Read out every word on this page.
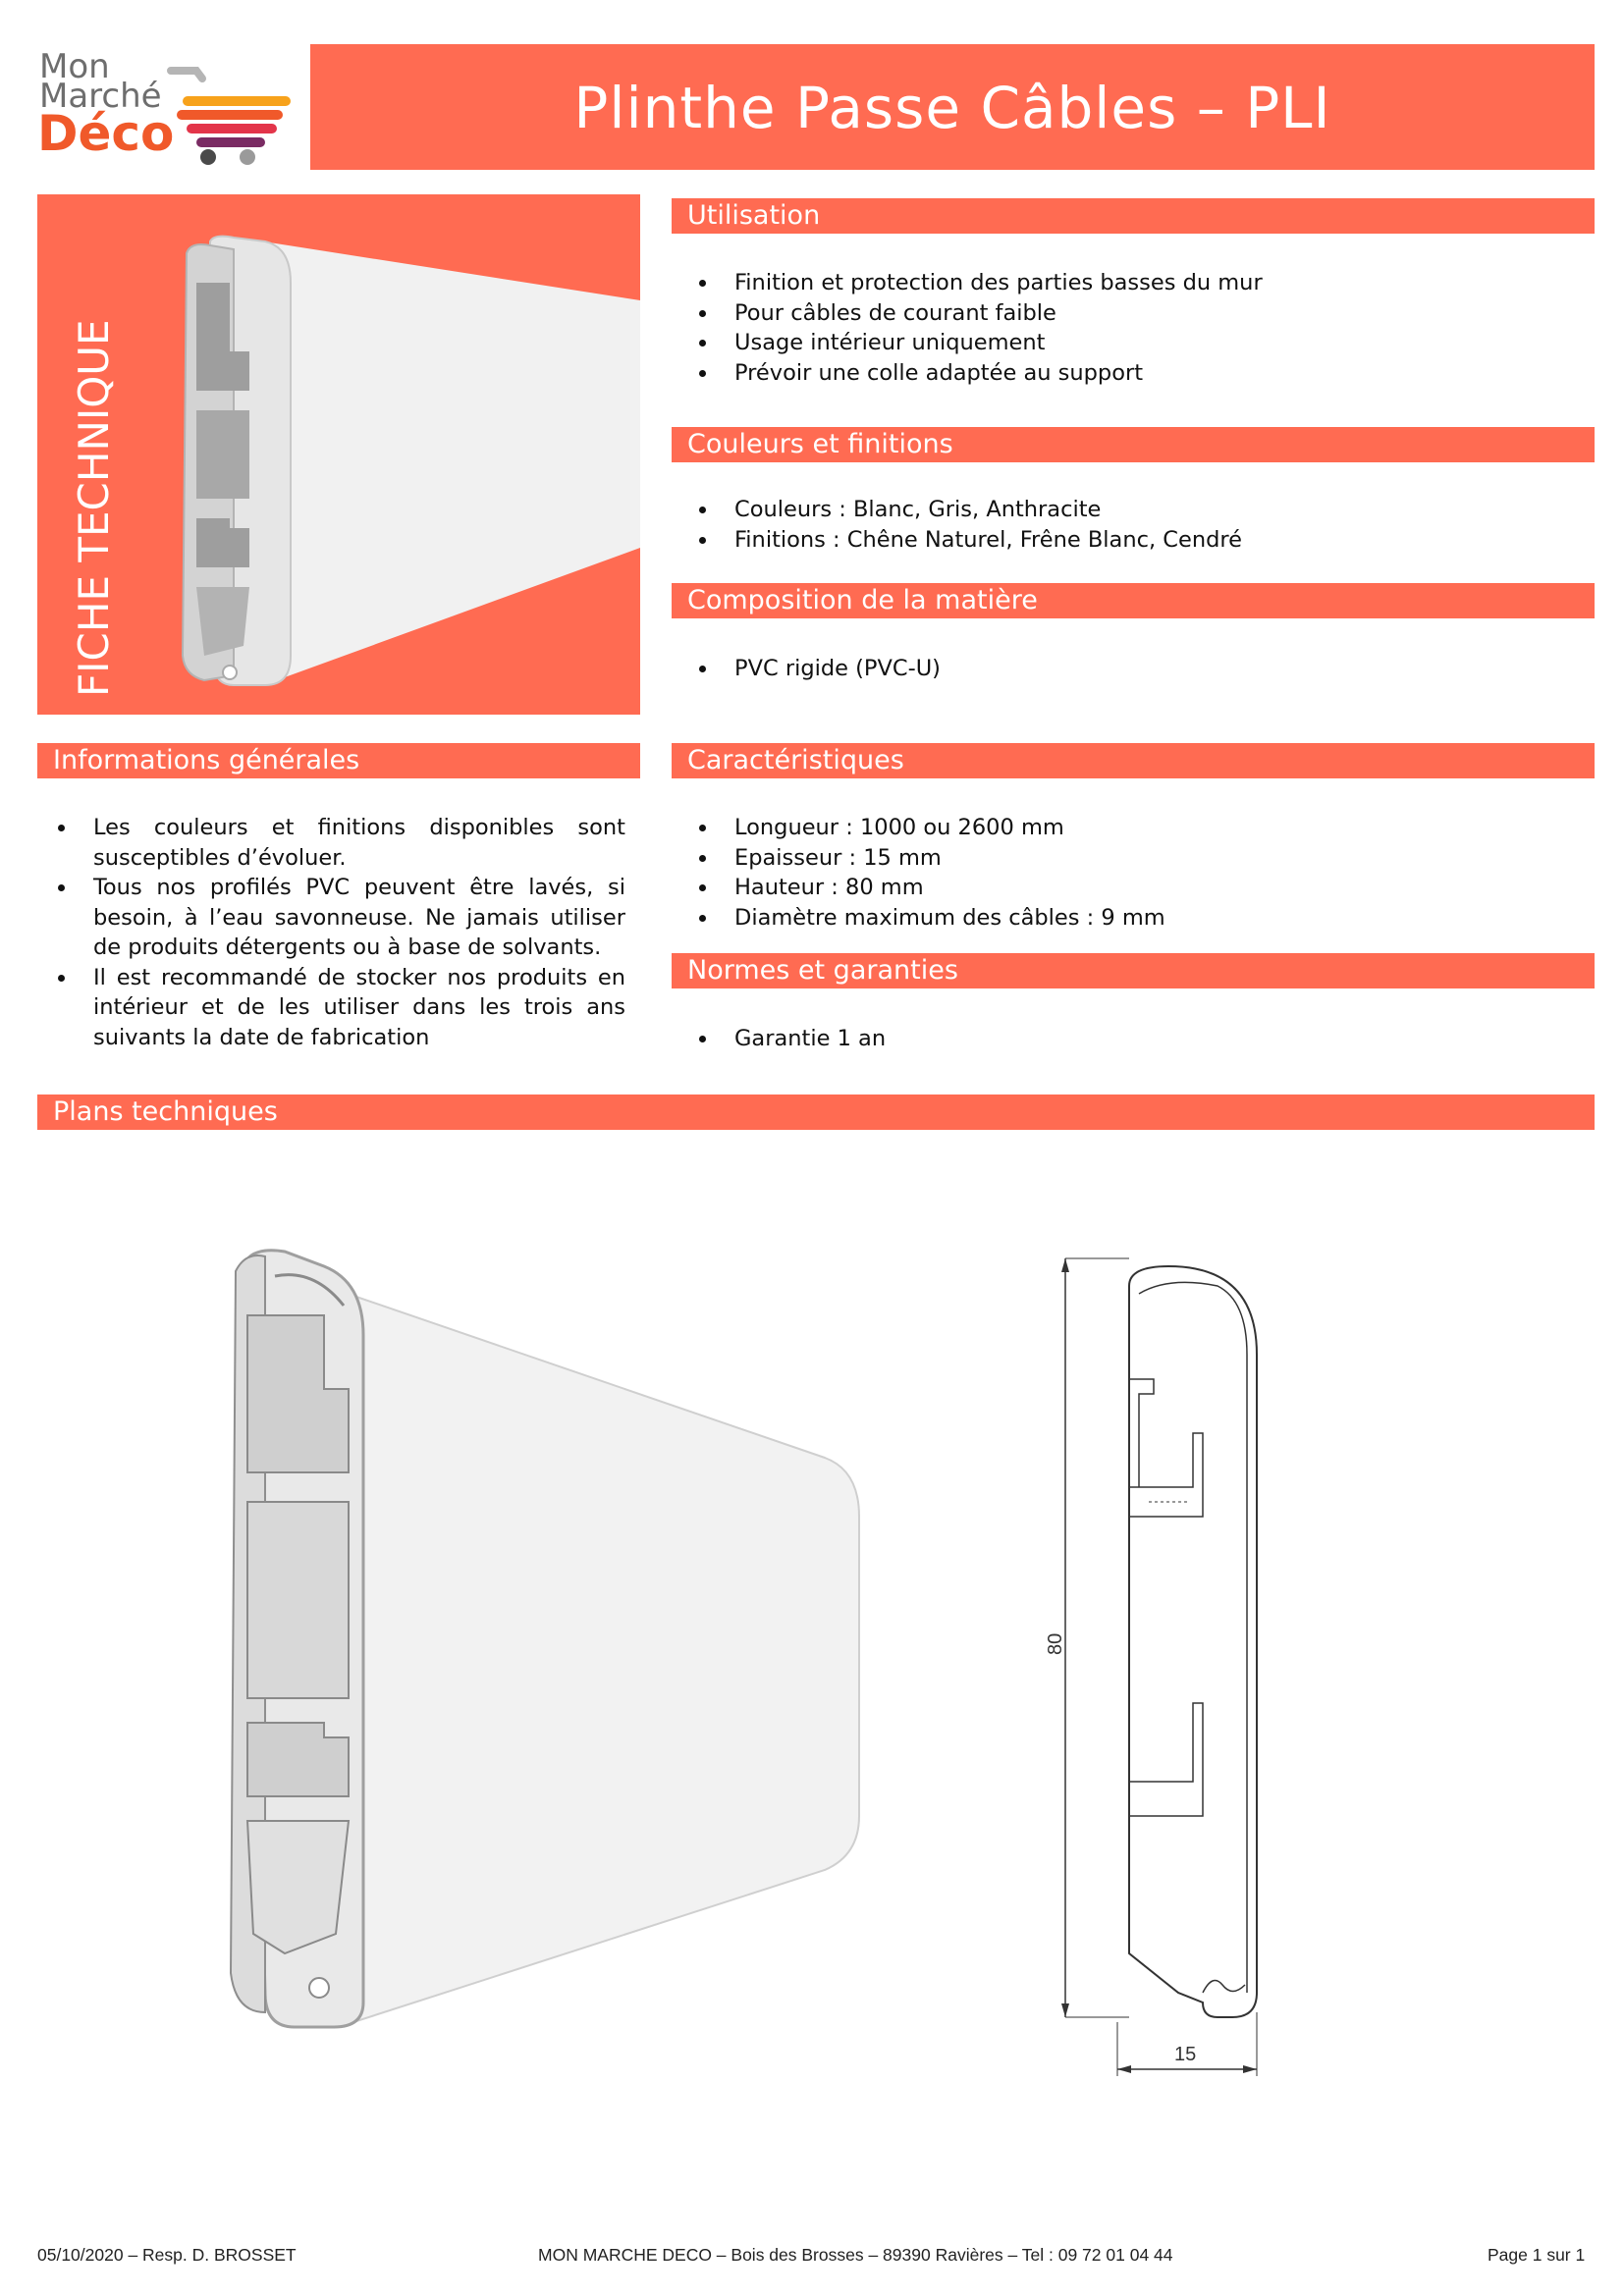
Mon
Marché
Déco	Plinthe Passe Câbles – PLI
FICHE TECHNIQUE
Utilisation
Finition et protection des parties basses du mur
Pour câbles de courant faible
Usage intérieur uniquement
Prévoir une colle adaptée au support
Couleurs et finitions
Couleurs : Blanc, Gris, Anthracite
Finitions : Chêne Naturel, Frêne Blanc, Cendré
Composition de la matière
PVC rigide (PVC-U)
Informations générales
Les couleurs et finitions disponibles sont susceptibles d’évoluer.
Tous nos profilés PVC peuvent être lavés, si besoin, à l’eau savonneuse. Ne jamais utiliser de produits détergents ou à base de solvants.
Il est recommandé de stocker nos produits en intérieur et de les utiliser dans les trois ans suivants la date de fabrication
Caractéristiques
Longueur : 1000 ou 2600 mm
Epaisseur : 15 mm
Hauteur : 80 mm
Diamètre maximum des câbles : 9 mm
Normes et garanties
Garantie 1 an
Plans techniques
80
15
05/10/2020 – Resp. D. BROSSET	MON MARCHE DECO – Bois des Brosses – 89390 Ravières – Tel : 09 72 01 04 44	Page 1 sur 1
